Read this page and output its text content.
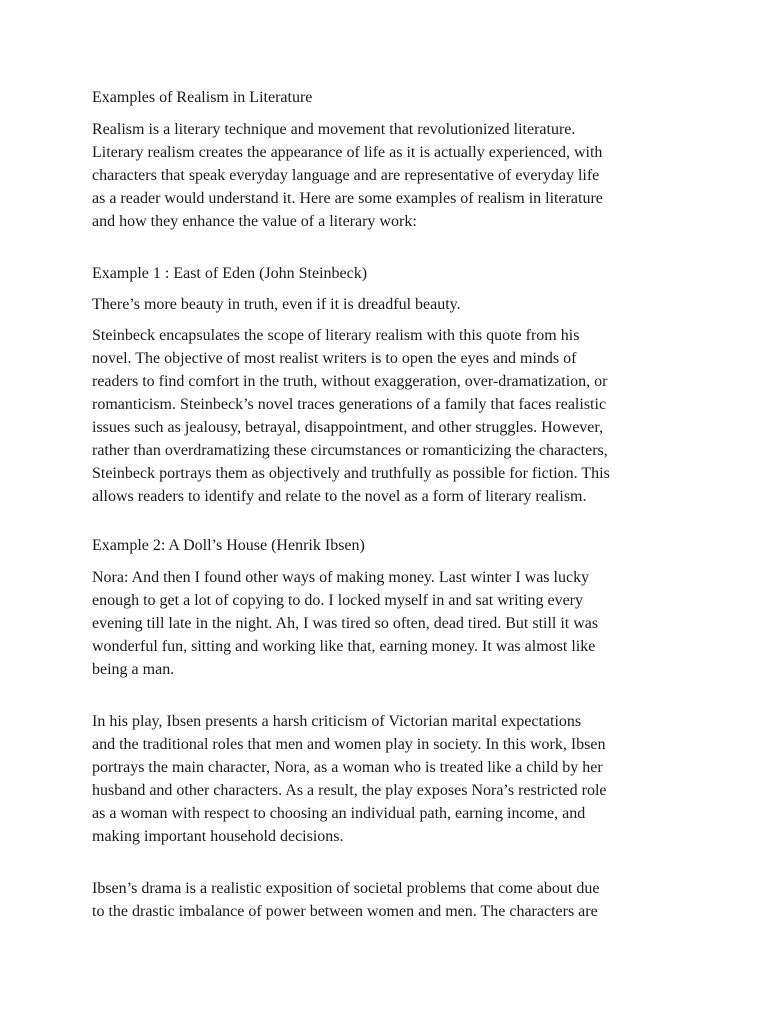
Examples of Realism in Literature

Realism is a literary technique and movement that revolutionized literature.
Literary realism creates the appearance of life as it is actually experienced, with
characters that speak everyday language and are representative of everyday life
as a reader would understand it. Here are some examples of realism in literature
and how they enhance the value of a literary work:

Example 1 : East of Eden (John Steinbeck)

There’s more beauty in truth, even if it is dreadful beauty.

Steinbeck encapsulates the scope of literary realism with this quote from his
novel. The objective of most realist writers is to open the eyes and minds of
readers to find comfort in the truth, without exaggeration, over-dramatization, or
romanticism. Steinbeck’s novel traces generations of a family that faces realistic
issues such as jealousy, betrayal, disappointment, and other struggles. However,
rather than overdramatizing these circumstances or romanticizing the characters,
Steinbeck portrays them as objectively and truthfully as possible for fiction. This
allows readers to identify and relate to the novel as a form of literary realism.

Example 2: A Doll’s House (Henrik Ibsen)

Nora: And then I found other ways of making money. Last winter I was lucky
enough to get a lot of copying to do. I locked myself in and sat writing every
evening till late in the night. Ah, I was tired so often, dead tired. But still it was
wonderful fun, sitting and working like that, earning money. It was almost like
being a man.

In his play, Ibsen presents a harsh criticism of Victorian marital expectations
and the traditional roles that men and women play in society. In this work, Ibsen
portrays the main character, Nora, as a woman who is treated like a child by her
husband and other characters. As a result, the play exposes Nora’s restricted role
as a woman with respect to choosing an individual path, earning income, and
making important household decisions.

Ibsen’s drama is a realistic exposition of societal problems that come about due
to the drastic imbalance of power between women and men. The characters are
